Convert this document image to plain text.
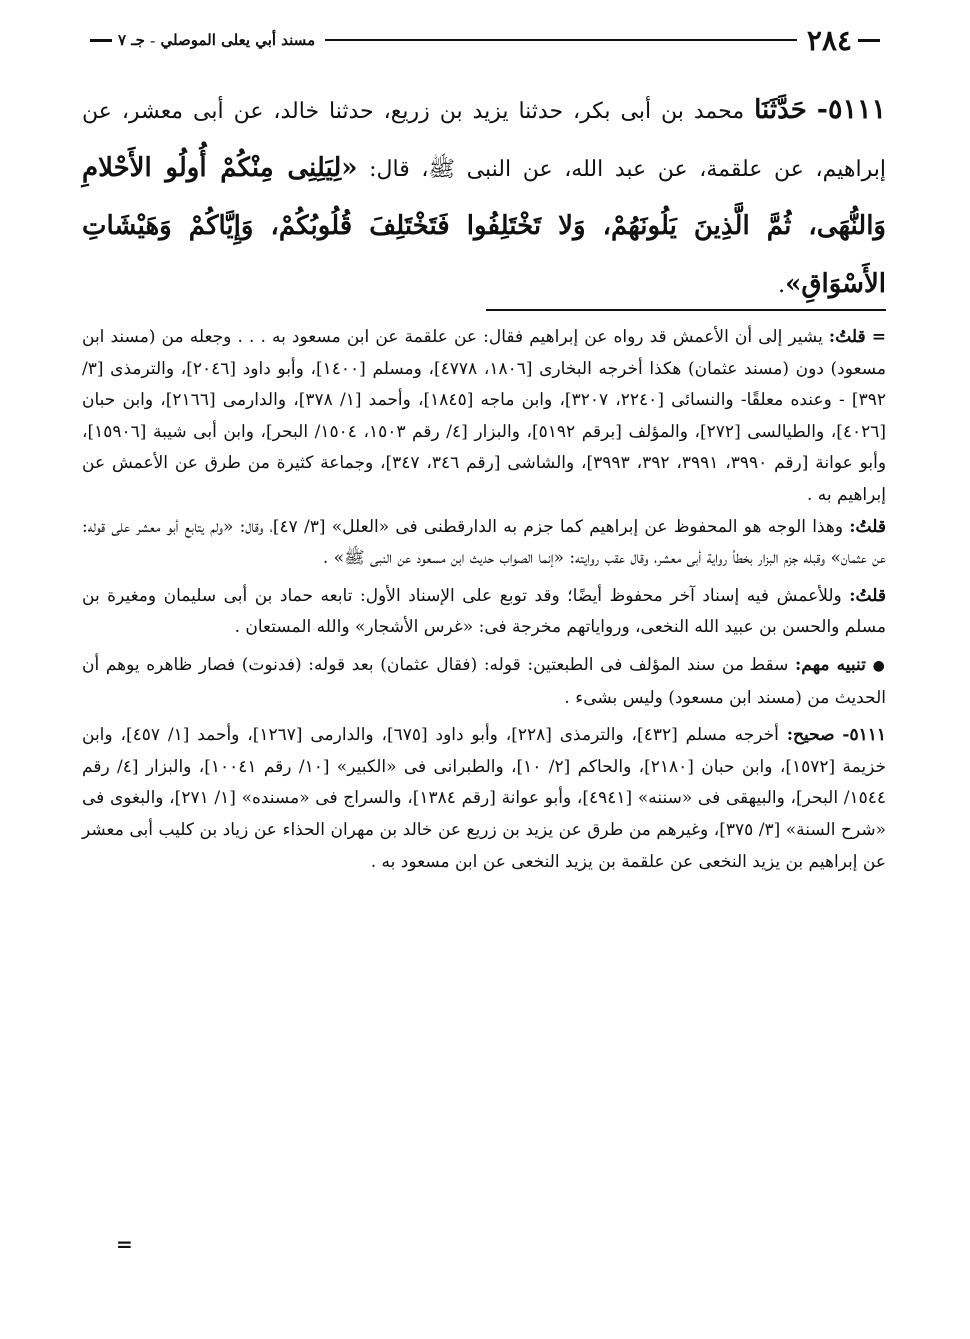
٢٨٤
مسند أبي يعلى الموصلي
-
جـ ٧
٥١١١- حَدَّثَنَا محمد بن أبى بكر، حدثنا يزيد بن زريع، حدثنا خالد، عن أبى معشر، عن إبراهيم، عن علقمة، عن عبد الله، عن النبى ﷺ، قال: «لِيَلِنِى مِنْكُمْ أُولُو الأَحْلامِ وَالنُّهَى، ثُمَّ الَّذِينَ يَلُونَهُمْ، وَلا تَخْتَلِفُوا فَتَخْتَلِفَ قُلُوبُكُمْ، وَإِيَّاكُمْ وَهَيْشَاتِ الأَسْوَاقِ».

= قلتُ: يشير إلى أن الأعمش قد رواه عن إبراهيم فقال: عن علقمة عن ابن مسعود به . . . وجعله من (مسند ابن مسعود) دون (مسند عثمان) هكذا أخرجه البخارى [١٨٠٦، ٤٧٧٨]، ومسلم [١٤٠٠]، وأبو داود [٢٠٤٦]، والترمذى [٣/ ٣٩٢] - وعنده معلقًا- والنسائى [٢٢٤٠، ٣٢٠٧]، وابن ماجه [١٨٤٥]، وأحمد [١/ ٣٧٨]، والدارمى [٢١٦٦]، وابن حبان [٤٠٢٦]، والطيالسى [٢٧٢]، والمؤلف [برقم ٥١٩٢]، والبزار [٤/ رقم ١٥٠٣، ١٥٠٤/ البحر]، وابن أبى شيبة [١٥٩٠٦]، وأبو عوانة [رقم ٣٩٩٠، ٣٩٩١، ٣٩٢، ٣٩٩٣]، والشاشى [رقم ٣٤٦، ٣٤٧]، وجماعة كثيرة من طرق عن الأعمش عن إبراهيم به .

قلتُ: وهذا الوجه هو المحفوظ عن إبراهيم كما جزم به الدارقطنى فى «العلل» [٣/ ٤٧]، وقال: «ولم يتابع أبو معشر على قوله: عن عثمان» وقبله جزم البزار بخطأ رواية أبى معشر، وقال عقب روايته: «إنما الصواب حديث ابن مسعود عن النبى ﷺ» .

قلتُ: وللأعمش فيه إسناد آخر محفوظ أيضًا؛ وقد توبع على الإسناد الأول: تابعه حماد بن أبى سليمان ومغيرة بن مسلم والحسن بن عبيد الله النخعى، ورواياتهم مخرجة فى: «غرس الأشجار» والله المستعان .

● تنبيه مهم: سقط من سند المؤلف فى الطبعتين: قوله: (فقال عثمان) بعد قوله: (فدنوت) فصار ظاهره يوهم أن الحديث من (مسند ابن مسعود) وليس بشىء .

٥١١١- صحيح: أخرجه مسلم [٤٣٢]، والترمذى [٢٢٨]، وأبو داود [٦٧٥]، والدارمى [١٢٦٧]، وأحمد [١/ ٤٥٧]، وابن خزيمة [١٥٧٢]، وابن حبان [٢١٨٠]، والحاكم [٢/ ١٠]، والطبرانى فى «الكبير» [١٠/ رقم ١٠٠٤١]، والبزار [٤/ رقم ١٥٤٤/ البحر]، والبيهقى فى «سننه» [٤٩٤١]، وأبو عوانة [رقم ١٣٨٤]، والسراج فى «مسنده» [١/ ٢٧١]، والبغوى فى «شرح السنة» [٣/ ٣٧٥]، وغيرهم من طرق عن يزيد بن زريع عن خالد بن مهران الحذاء عن زياد بن كليب أبى معشر عن إبراهيم بن يزيد النخعى عن علقمة بن يزيد النخعى عن ابن مسعود به .

=
